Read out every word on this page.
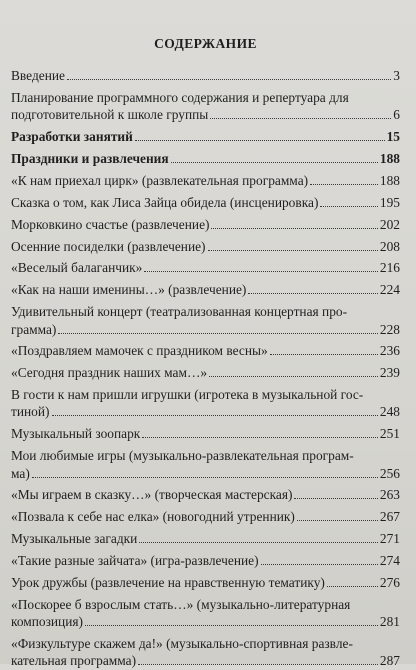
СОДЕРЖАНИЕ
Введение	3
Планирование программного содержания и репертуара для
подготовительной к школе группы	6
Разработки занятий	15
Праздники и развлечения	188
«К нам приехал цирк» (развлекательная программа)	188
Сказка о том, как Лиса Зайца обидела (инсценировка)	195
Морковкино счастье (развлечение)	202
Осенние посиделки (развлечение)	208
«Веселый балаганчик»	216
«Как на наши именины…» (развлечение)	224
Удивительный концерт (театрализованная концертная про-
грамма)	228
«Поздравляем мамочек с праздником весны»	236
«Сегодня праздник наших мам…»	239
В гости к нам пришли игрушки (игротека в музыкальной гос-
тиной)	248
Музыкальный зоопарк	251
Мои любимые игры (музыкально-развлекательная програм-
ма)	256
«Мы играем в сказку…» (творческая мастерская)	263
«Позвала к себе нас елка» (новогодний утренник)	267
Музыкальные загадки	271
«Такие разные зайчата» (игра-развлечение)	274
Урок дружбы (развлечение на нравственную тематику)	276
«Поскорее б взрослым стать…» (музыкально-литературная
композиция)	281
«Физкультуре скажем да!» (музыкально-спортивная развле-
кательная программа)	287
